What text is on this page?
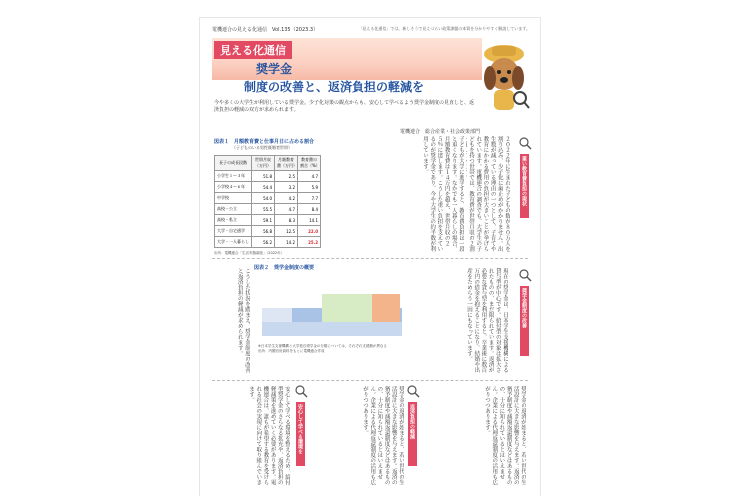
電機連合の見える化通信　Vol.135（2023.3）	「見える化通信」では、新しそうで見えづらい政策課題の本質を分かりやすく解説しています。
見える化通信
奨学金
制度の改善と、返済負担の軽減を
今や多くの大学生が利用している奨学金。少子化対策の観点からも、安心して学べるよう奨学金制度の見直しと、返済負担の軽減の双方が求められます。
電機連合　総合産業・社会政策部門
図表１　月額教育費と仕事月日に占める割合
（子どものいる男性既婚者世帯）
長子の成長段階	世帯月収（万円）	月額教育費（万円）	教育費の割合（%）
小学生１～３年	51.8	2.5	4.7
小学校４～６年	54.4	3.2	5.9
中学校	54.0	4.2	7.7
高校・公立	55.5	4.7	8.4
高校・私立	59.1	8.3	14.1
大学・自宅通学	56.8	12.5	22.0
大学・一人暮らし	56.2	14.2	25.2
出所：電機連合「生活実態調査」（2022年）
子どもが大学に進学すると、教育費負担は一段と重くなります。なかでも一人暮らしの場合、月額教育費は１４万円を超え、世帯月収の２５％に達します。こうした重い負担を支えているのが奨学金であり、今や大学生の約半数が利用しています。	２０２２年に生まれた子どもの数が８０万人を割り込み、少子化に歯止めがかかりません。出生数が減っている理由の一つとして、子育てや教育にかかる費用の負担が大きいことが挙げられています。電機連合の調査でも、大学生の子どもを持つ世帯では、教育費が世帯月収の２割
重い教育費負担の現状
図表２　奨学金制度の概要
※日本学生支援機構と大学独自奨学金の分類については、それぞれ支援額が異なる
出所：内閣官房資料をもとに電機連合作成
こうした状況を踏まえ、奨学金制度の改善と返済負担の軽減が求められます。	現在の奨学金は、日本学生支援機構による貸与型が中心です。給付型の対象は拡大されたものの、まだ限られています。返済が必要な貸与型を利用すると、卒業後に数百万円の借金を抱えることになり、結婚や出産をためらう一因にもなっています。	奨学金制度の改善
安心して学べる環境を整えるため、給付型奨学金のさらなる拡充や、返済負担の軽減策を進めていく必要があります。電機連合は、誰もが希望する教育を受けられる社会の実現に向けて取り組んでいきます。
安心して学べる環境を	奨学金の返済が始まると、若い世代の生活設計に大きな影響を与えます。返済の猶予制度や減額返還制度などはあるものの、十分に知られているとはいえません。企業による代理返還制度の活用も広がりつつあります。	返済負担の軽減	奨学金の返済が始まると、若い世代の生活設計に大きな影響を与えます。返済の猶予制度や減額返還制度などはあるものの、十分に知られているとはいえません。企業による代理返還制度の活用も広がりつつあります。
